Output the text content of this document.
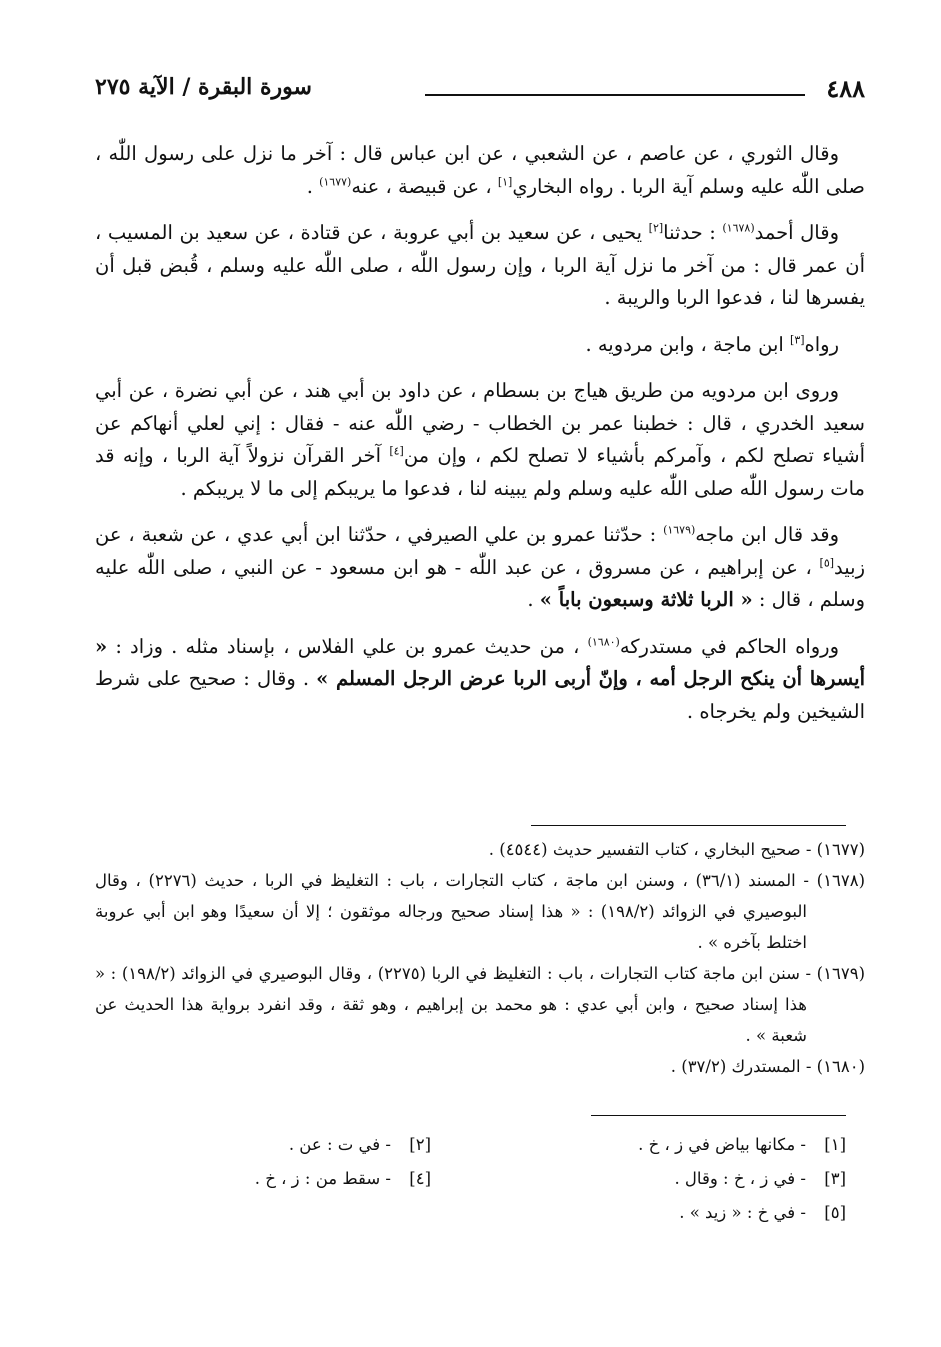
٤٨٨
سورة البقرة / الآية ٢٧٥

وقال الثوري ، عن عاصم ، عن الشعبي ، عن ابن عباس قال : آخر ما نزل على رسول اللّٰه ، صلى اللّٰه عليه وسلم آية الربا . رواه البخاري[١] ، عن قبيصة ، عنه$^{(١٦٧٧)}$ .

وقال أحمد$^{(١٦٧٨)}$ : حدثنا[٢] يحيى ، عن سعيد بن أبي عروبة ، عن قتادة ، عن سعيد بن المسيب ، أن عمر قال : من آخر ما نزل آية الربا ، وإن رسول اللّٰه ، صلى اللّٰه عليه وسلم ، قُبض قبل أن يفسرها لنا ، فدعوا الربا والريبة .

رواه[٣] ابن ماجة ، وابن مردويه .

وروى ابن مردويه من طريق هياج بن بسطام ، عن داود بن أبي هند ، عن أبي نضرة ، عن أبي سعيد الخدري ، قال : خطبنا عمر بن الخطاب - رضي اللّٰه عنه - فقال : إني لعلي أنهاكم عن أشياء تصلح لكم ، وآمركم بأشياء لا تصلح لكم ، وإن من[٤] آخر القرآن نزولاً آية الربا ، وإنه قد مات رسول اللّٰه صلى اللّٰه عليه وسلم ولم يبينه لنا ، فدعوا ما يريبكم إلى ما لا يريبكم .

وقد قال ابن ماجه$^{(١٦٧٩)}$ : حدّثنا عمرو بن علي الصيرفي ، حدّثنا ابن أبي عدي ، عن شعبة ، عن زبيد[٥] ، عن إبراهيم ، عن مسروق ، عن عبد اللّٰه - هو ابن مسعود - عن النبي ، صلى اللّٰه عليه وسلم ، قال : « الربا ثلاثة وسبعون باباً » .

ورواه الحاكم في مستدركه$^{(١٦٨٠)}$ ، من حديث عمرو بن علي الفلاس ، بإسناد مثله . وزاد : « أيسرها أن ينكح الرجل أمه ، وإنّ أربى الربا عرض الرجل المسلم » . وقال : صحيح على شرط الشيخين ولم يخرجاه .

(١٦٧٧) - صحيح البخاري ، كتاب التفسير حديث (٤٥٤٤) .

(١٦٧٨) - المسند (٣٦/١) ، وسنن ابن ماجة ، كتاب التجارات ، باب : التغليظ في الربا ، حديث (٢٢٧٦) ، وقال البوصيري في الزوائد (١٩٨/٢) : « هذا إسناد صحيح ورجاله موثقون ؛ إلا أن سعيدًا وهو ابن أبي عروبة اختلط بآخره » .

(١٦٧٩) - سنن ابن ماجة كتاب التجارات ، باب : التغليظ في الربا (٢٢٧٥) ، وقال البوصيري في الزوائد (١٩٨/٢) : « هذا إسناد صحيح ، وابن أبي عدي : هو محمد بن إبراهيم ، وهو ثقة ، وقد انفرد برواية هذا الحديث عن شعبة » .

(١٦٨٠) - المستدرك (٣٧/٢) .

[١]- مكانها بياض في ز ، خ .
[٣]- في ز ، خ : وقال .
[٥]- في خ : « زيد » .
[٢]- في ت : عن .
[٤]- سقط من : ز ، خ .
